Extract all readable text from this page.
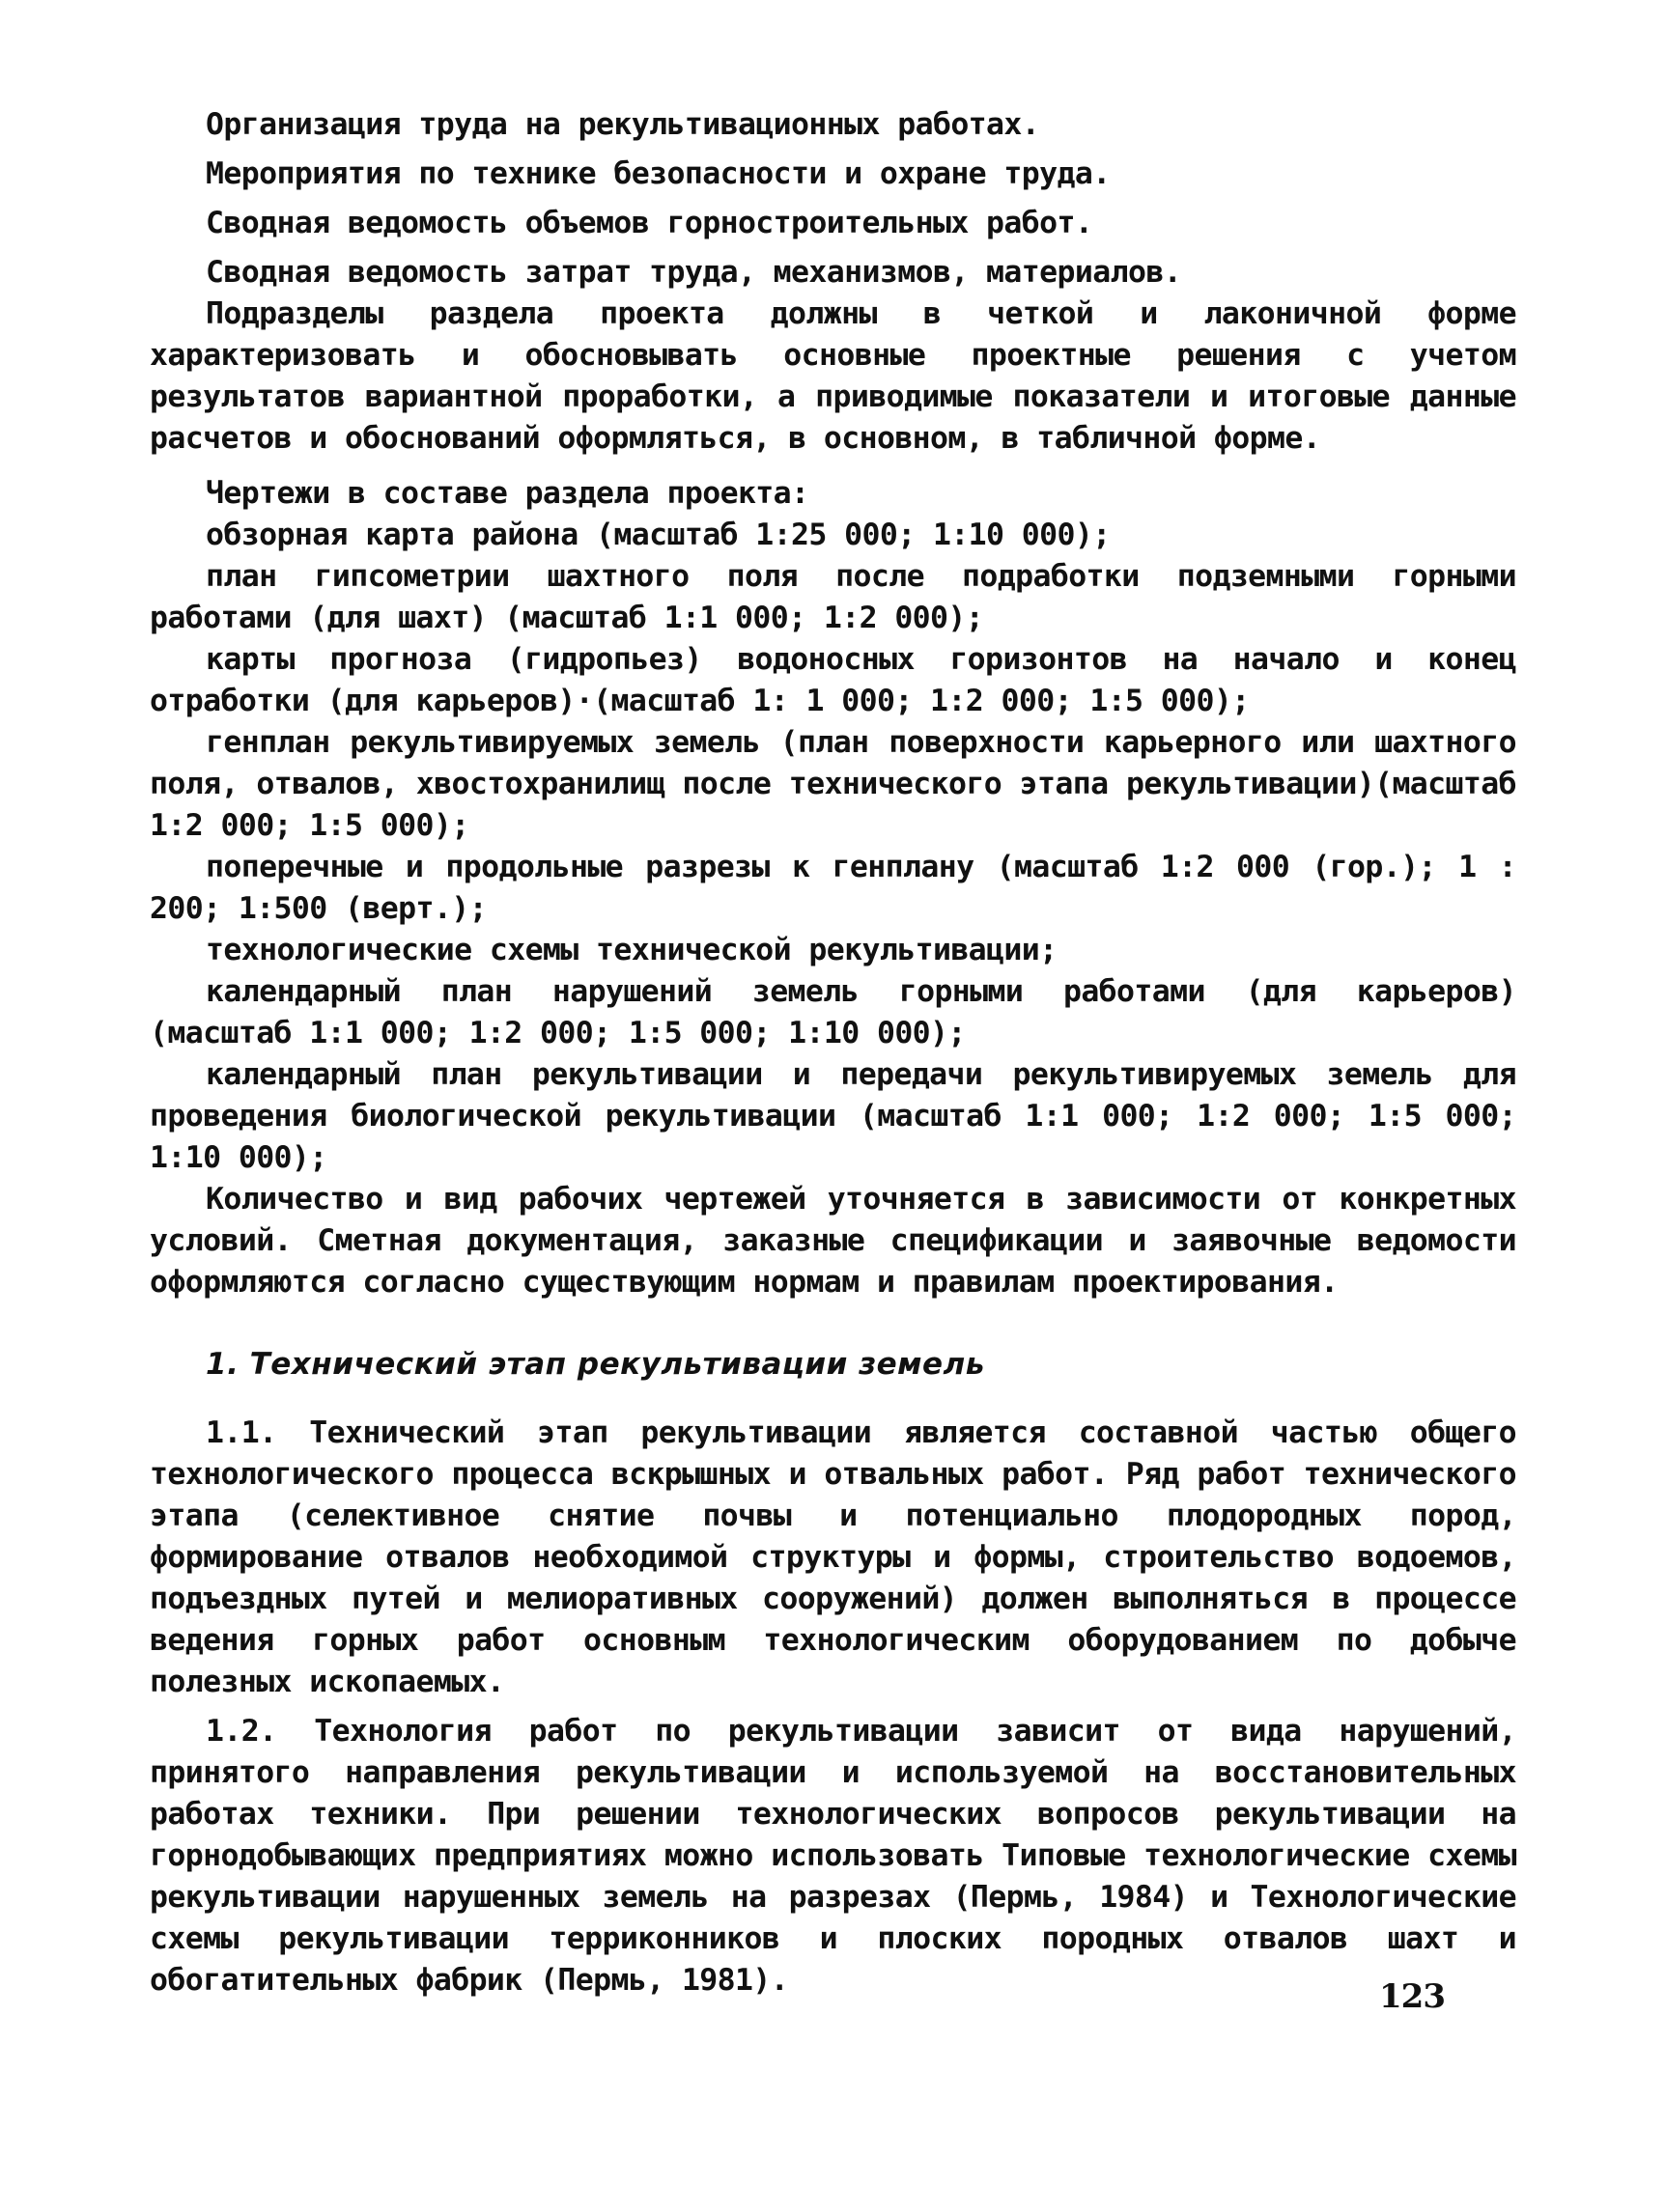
Организация труда на рекультивационных работах.

Мероприятия по технике безопасности и охране труда.

Сводная ведомость объемов горностроительных работ.

Сводная ведомость затрат труда, механизмов, материалов.

Подразделы раздела проекта должны в четкой и лаконичной форме характеризовать и обосновывать основные проектные решения с учетом результатов вариантной проработки, а приводимые показатели и итоговые данные расчетов и обоснований оформляться, в основном, в табличной форме.

Чертежи в составе раздела проекта:

обзорная карта района (масштаб 1:25 000; 1:10 000);

план гипсометрии шахтного поля после подработки подземными горными работами (для шахт) (масштаб 1:1 000; 1:2 000);

карты прогноза (гидропьез) водоносных горизонтов на начало и конец отработки (для карьеров)·(масштаб 1: 1 000; 1:2 000; 1:5 000);

генплан рекультивируемых земель (план поверхности карьерного или шахтного поля, отвалов, хвостохранилищ после технического этапа рекультивации)(масштаб 1:2 000; 1:5 000);

поперечные и продольные разрезы к генплану (масштаб 1:2 000 (гор.); 1 : 200; 1:500 (верт.);

технологические схемы технической рекультивации;

календарный план нарушений земель горными работами (для карьеров) (масштаб 1:1 000; 1:2 000; 1:5 000; 1:10 000);

календарный план рекультивации и передачи рекультивируемых земель для проведения биологической рекультивации (масштаб 1:1 000; 1:2 000; 1:5 000; 1:10 000);

Количество и вид рабочих чертежей уточняется в зависимости от конкретных условий. Сметная документация, заказные спецификации и заявочные ведомости оформляются согласно существующим нормам и правилам проектирования.

1. Технический этап рекультивации земель

1.1. Технический этап рекультивации является составной частью общего технологического процесса вскрышных и отвальных работ. Ряд работ технического этапа (селективное снятие почвы и потенциально плодородных пород, формирование отвалов необходимой структуры и формы, строительство водоемов, подъездных путей и мелиоративных сооружений) должен выполняться в процессе ведения горных работ основным технологическим оборудованием по добыче полезных ископаемых.

1.2. Технология работ по рекультивации зависит от вида нарушений, принятого направления рекультивации и используемой на восстановительных работах техники. При решении технологических вопросов рекультивации на горнодобывающих предприятиях можно использовать Типовые технологические схемы рекультивации нарушенных земель на разрезах (Пермь, 1984) и Технологические схемы рекультивации терриконников и плоских породных отвалов шахт и обогатительных фабрик (Пермь, 1981).	123
